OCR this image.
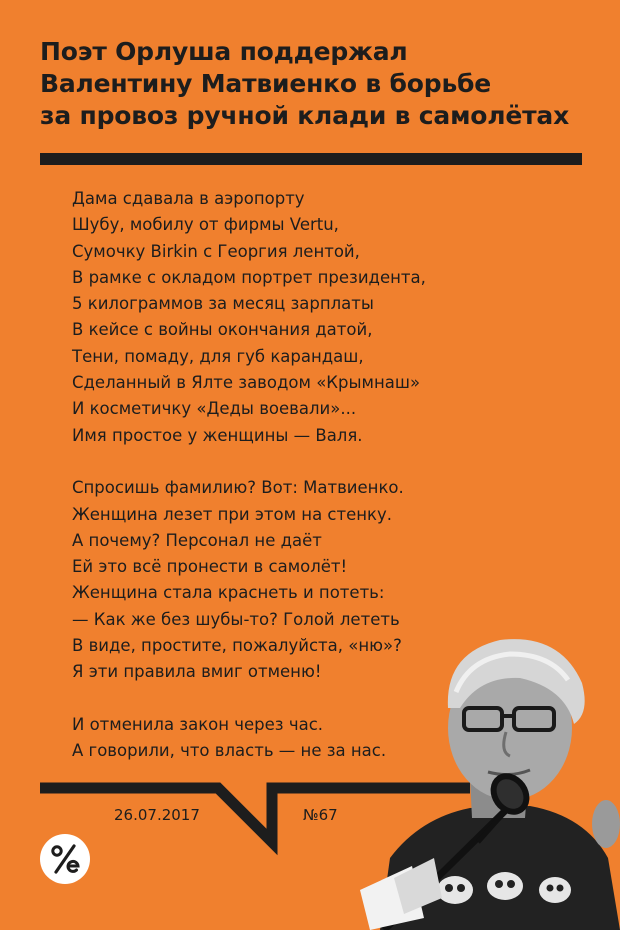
Поэт Орлуша поддержал
Валентину Матвиенко в борьбе
за провоз ручной клади в самолётах

Дама сдавала в аэропорту
Шубу, мобилу от фирмы Vertu,
Сумочку Birkin с Георгия лентой,
В рамке с окладом портрет президента,
5 килограммов за месяц зарплаты
В кейсе с войны окончания датой,
Тени, помаду, для губ карандаш,
Сделанный в Ялте заводом «Крымнаш»
И косметичку «Деды воевали»...
Имя простое у женщины — Валя.

Спросишь фамилию? Вот: Матвиенко.
Женщина лезет при этом на стенку.
А почему? Персонал не даёт
Ей это всё пронести в самолёт!
Женщина стала краснеть и потеть:
— Как же без шубы-то? Голой лететь
В виде, простите, пожалуйста, «ню»?
Я эти правила вмиг отменю!

И отменила закон через час.
А говорили, что власть — не за нас.

26.07.2017	№67
